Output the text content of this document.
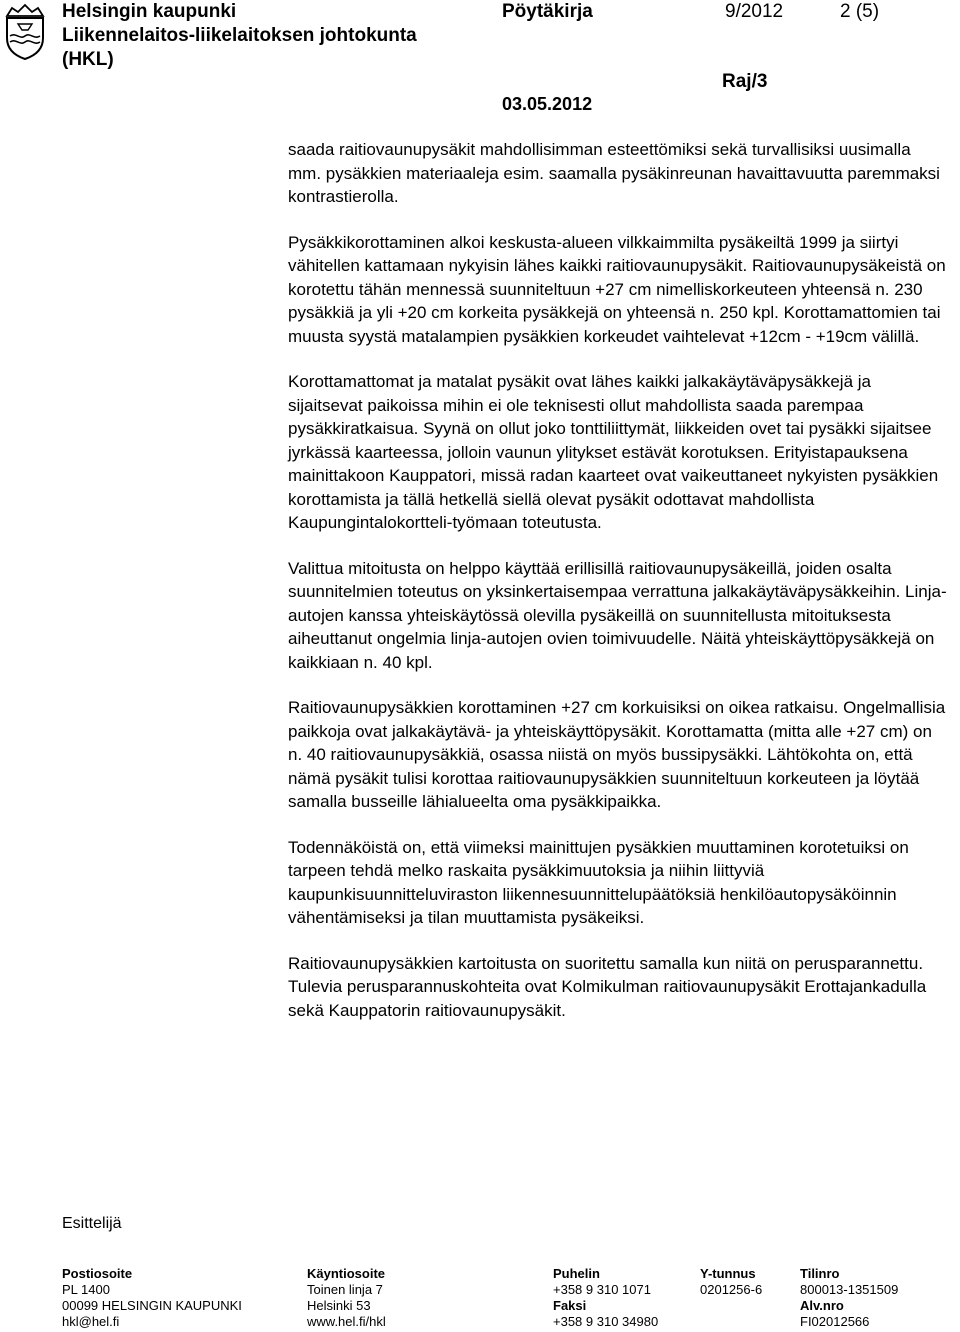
Helsingin kaupunki
Liikennelaitos-liikelaitoksen johtokunta
(HKL)
Pöytäkirja	9/2012	2 (5)
Raj/3
03.05.2012

saada raitiovaunupysäkit mahdollisimman esteettömiksi sekä turvallisiksi uusimalla mm. pysäkkien materiaaleja esim. saamalla pysäkinreunan havaittavuutta paremmaksi kontrastierolla.

Pysäkkikorottaminen alkoi keskusta-alueen vilkkaimmilta pysäkeiltä 1999 ja siirtyi vähitellen kattamaan nykyisin lähes kaikki raitiovaunupysäkit. Raitiovaunupysäkeistä on korotettu tähän mennessä suunniteltuun +27 cm nimelliskorkeuteen yhteensä n. 230 pysäkkiä ja yli +20 cm korkeita pysäkkejä on yhteensä n. 250 kpl. Korottamattomien tai muusta syystä matalampien pysäkkien korkeudet vaihtelevat +12cm - +19cm välillä.

Korottamattomat ja matalat pysäkit ovat lähes kaikki jalkakäytäväpysäkkejä ja sijaitsevat paikoissa mihin ei ole teknisesti ollut mahdollista saada parempaa pysäkkiratkaisua. Syynä on ollut joko tonttiliittymät, liikkeiden ovet tai pysäkki sijaitsee jyrkässä kaarteessa, jolloin vaunun ylitykset estävät korotuksen. Erityistapauksena mainittakoon Kauppatori, missä radan kaarteet ovat vaikeuttaneet nykyisten pysäkkien korottamista ja tällä hetkellä siellä olevat pysäkit odottavat mahdollista Kaupungintalokortteli-työmaan toteutusta.

Valittua mitoitusta on helppo käyttää erillisillä raitiovaunupysäkeillä, joiden osalta suunnitelmien toteutus on yksinkertaisempaa verrattuna jalkakäytäväpysäkkeihin. Linja-autojen kanssa yhteiskäytössä olevilla pysäkeillä on suunnitellusta mitoituksesta aiheuttanut ongelmia linja-autojen ovien toimivuudelle. Näitä yhteiskäyttöpysäkkejä on kaikkiaan n. 40 kpl.

Raitiovaunupysäkkien korottaminen +27 cm korkuisiksi on oikea ratkaisu. Ongelmallisia paikkoja ovat jalkakäytävä- ja yhteiskäyttöpysäkit. Korottamatta (mitta alle +27 cm) on n. 40 raitiovaunupysäkkiä, osassa niistä on myös bussipysäkki. Lähtökohta on, että nämä pysäkit tulisi korottaa raitiovaunupysäkkien suunniteltuun korkeuteen ja löytää samalla busseille lähialueelta oma pysäkkipaikka.

Todennäköistä on, että viimeksi mainittujen pysäkkien muuttaminen korotetuiksi on tarpeen tehdä melko raskaita pysäkkimuutoksia ja niihin liittyviä kaupunkisuunnitteluviraston liikennesuunnittelupäätöksiä henkilöautopysäköinnin vähentämiseksi ja tilan muuttamista pysäkeiksi.

Raitiovaunupysäkkien kartoitusta on suoritettu samalla kun niitä on perusparannettu. Tulevia perusparannuskohteita ovat Kolmikulman raitiovaunupysäkit Erottajankadulla sekä Kauppatorin raitiovaunupysäkit.

Esittelijä
Postiosoite
PL 1400
00099 HELSINGIN KAUPUNKI
hkl@hel.fi
Käyntiosoite
Toinen linja 7
Helsinki 53
www.hel.fi/hkl
Puhelin
+358 9 310 1071
Faksi
+358 9 310 34980
Y-tunnus
0201256-6
Tilinro
800013-1351509
Alv.nro
FI02012566
